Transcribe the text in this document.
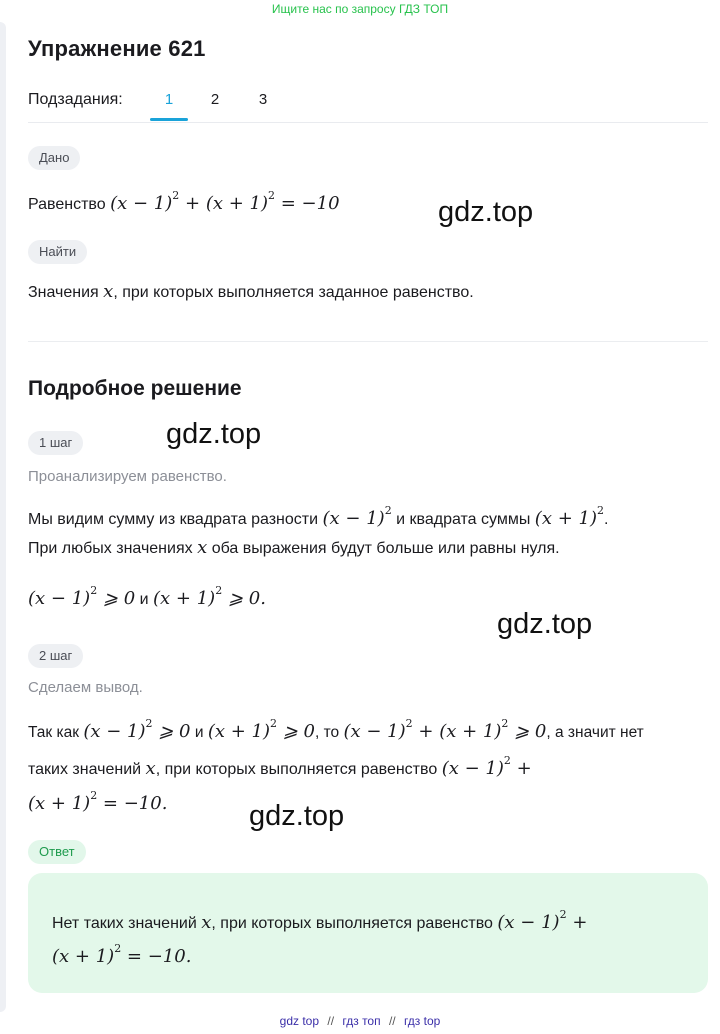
Ищите нас по запросу ГДЗ ТОП
Упражнение 621
Подзадания:	1	2	3
Дано
Равенство $(x - 1)^2 + (x + 1)^2 = -10$
Найти
Значения x, при которых выполняется заданное равенство.
Подробное решение
1 шаг
Проанализируем равенство.
Мы видим сумму из квадрата разности $(x - 1)^2$ и квадрата суммы $(x + 1)^2$.
При любых значениях x оба выражения будут больше или равны нуля.
$(x - 1)^2$ ⩾ 0 и $(x + 1)^2$ ⩾ 0.
2 шаг
Сделаем вывод.
Так как $(x - 1)^2$ ⩾ 0 и $(x + 1)^2$ ⩾ 0, то $(x - 1)^2 + (x + 1)^2$ ⩾ 0, а значит нет
таких значений x, при которых выполняется равенство $(x - 1)^2$ +
$(x + 1)^2 = -10$.
Ответ
Нет таких значений x, при которых выполняется равенство $(x - 1)^2$ +
$(x + 1)^2 = -10$.
gdz.top
gdz.top
gdz.top
gdz.top
gdz top // гдз топ // гдз top
